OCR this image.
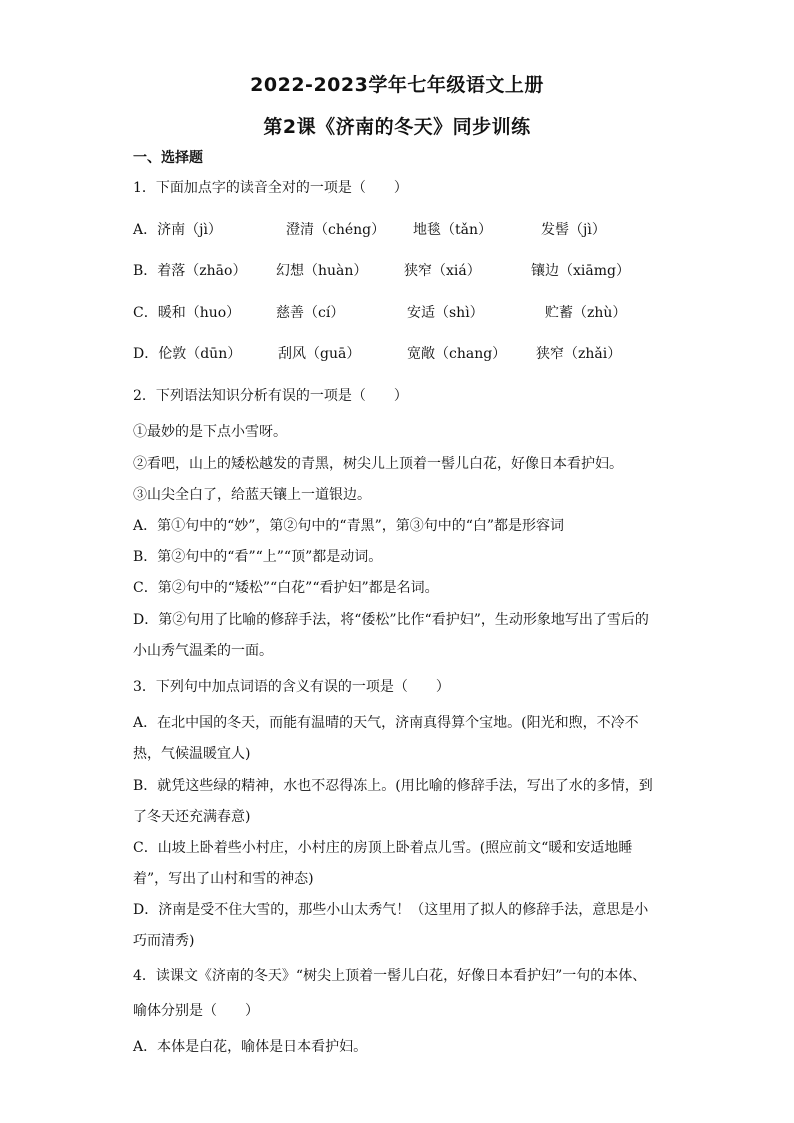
2022-2023学年七年级语文上册
第2课《济南的冬天》同步训练
一、选择题
1．下面加点字的读音全对的一项是（　　）
A．济南（jì）	澄清（chéng） 地毯（tǎn）	发髻（jì）
B．着落（zhāo） 幻想（huàn）	狭窄（xiá）	镶边（xiāmg）
C．暖和（huo）	慈善（cí）	安适（shì）	贮蓄（zhù）
D．伦敦（dūn）	刮风（guā）	宽敞（chang） 狭窄（zhǎi）
2．下列语法知识分析有误的一项是（　　）
①最妙的是下点小雪呀。
②看吧，山上的矮松越发的青黑，树尖儿上顶着一髻儿白花，好像日本看护妇。
③山尖全白了，给蓝天镶上一道银边。
A．第①句中的“妙”，第②句中的“青黑”，第③句中的“白”都是形容词
B．第②句中的“看”“上”“顶”都是动词。
C．第②句中的“矮松”“白花”“看护妇”都是名词。
D．第②句用了比喻的修辞手法，将“倭松”比作“看护妇”，生动形象地写出了雪后的
小山秀气温柔的一面。
3．下列句中加点词语的含义有误的一项是（　　）
A．在北中国的冬天，而能有温晴的天气，济南真得算个宝地。(阳光和煦，不冷不
热，气候温暖宜人)
B．就凭这些绿的精神，水也不忍得冻上。(用比喻的修辞手法，写出了水的多情，到
了冬天还充满春意)
C．山坡上卧着些小村庄，小村庄的房顶上卧着点儿雪。(照应前文“暖和安适地睡
着”，写出了山村和雪的神态)
D．济南是受不住大雪的，那些小山太秀气！（这里用了拟人的修辞手法，意思是小
巧而清秀)
4．读课文《济南的冬天》“树尖上顶着一髻儿白花，好像日本看护妇”一句的本体、
喻体分别是（　　）
A．本体是白花，喻体是日本看护妇。
